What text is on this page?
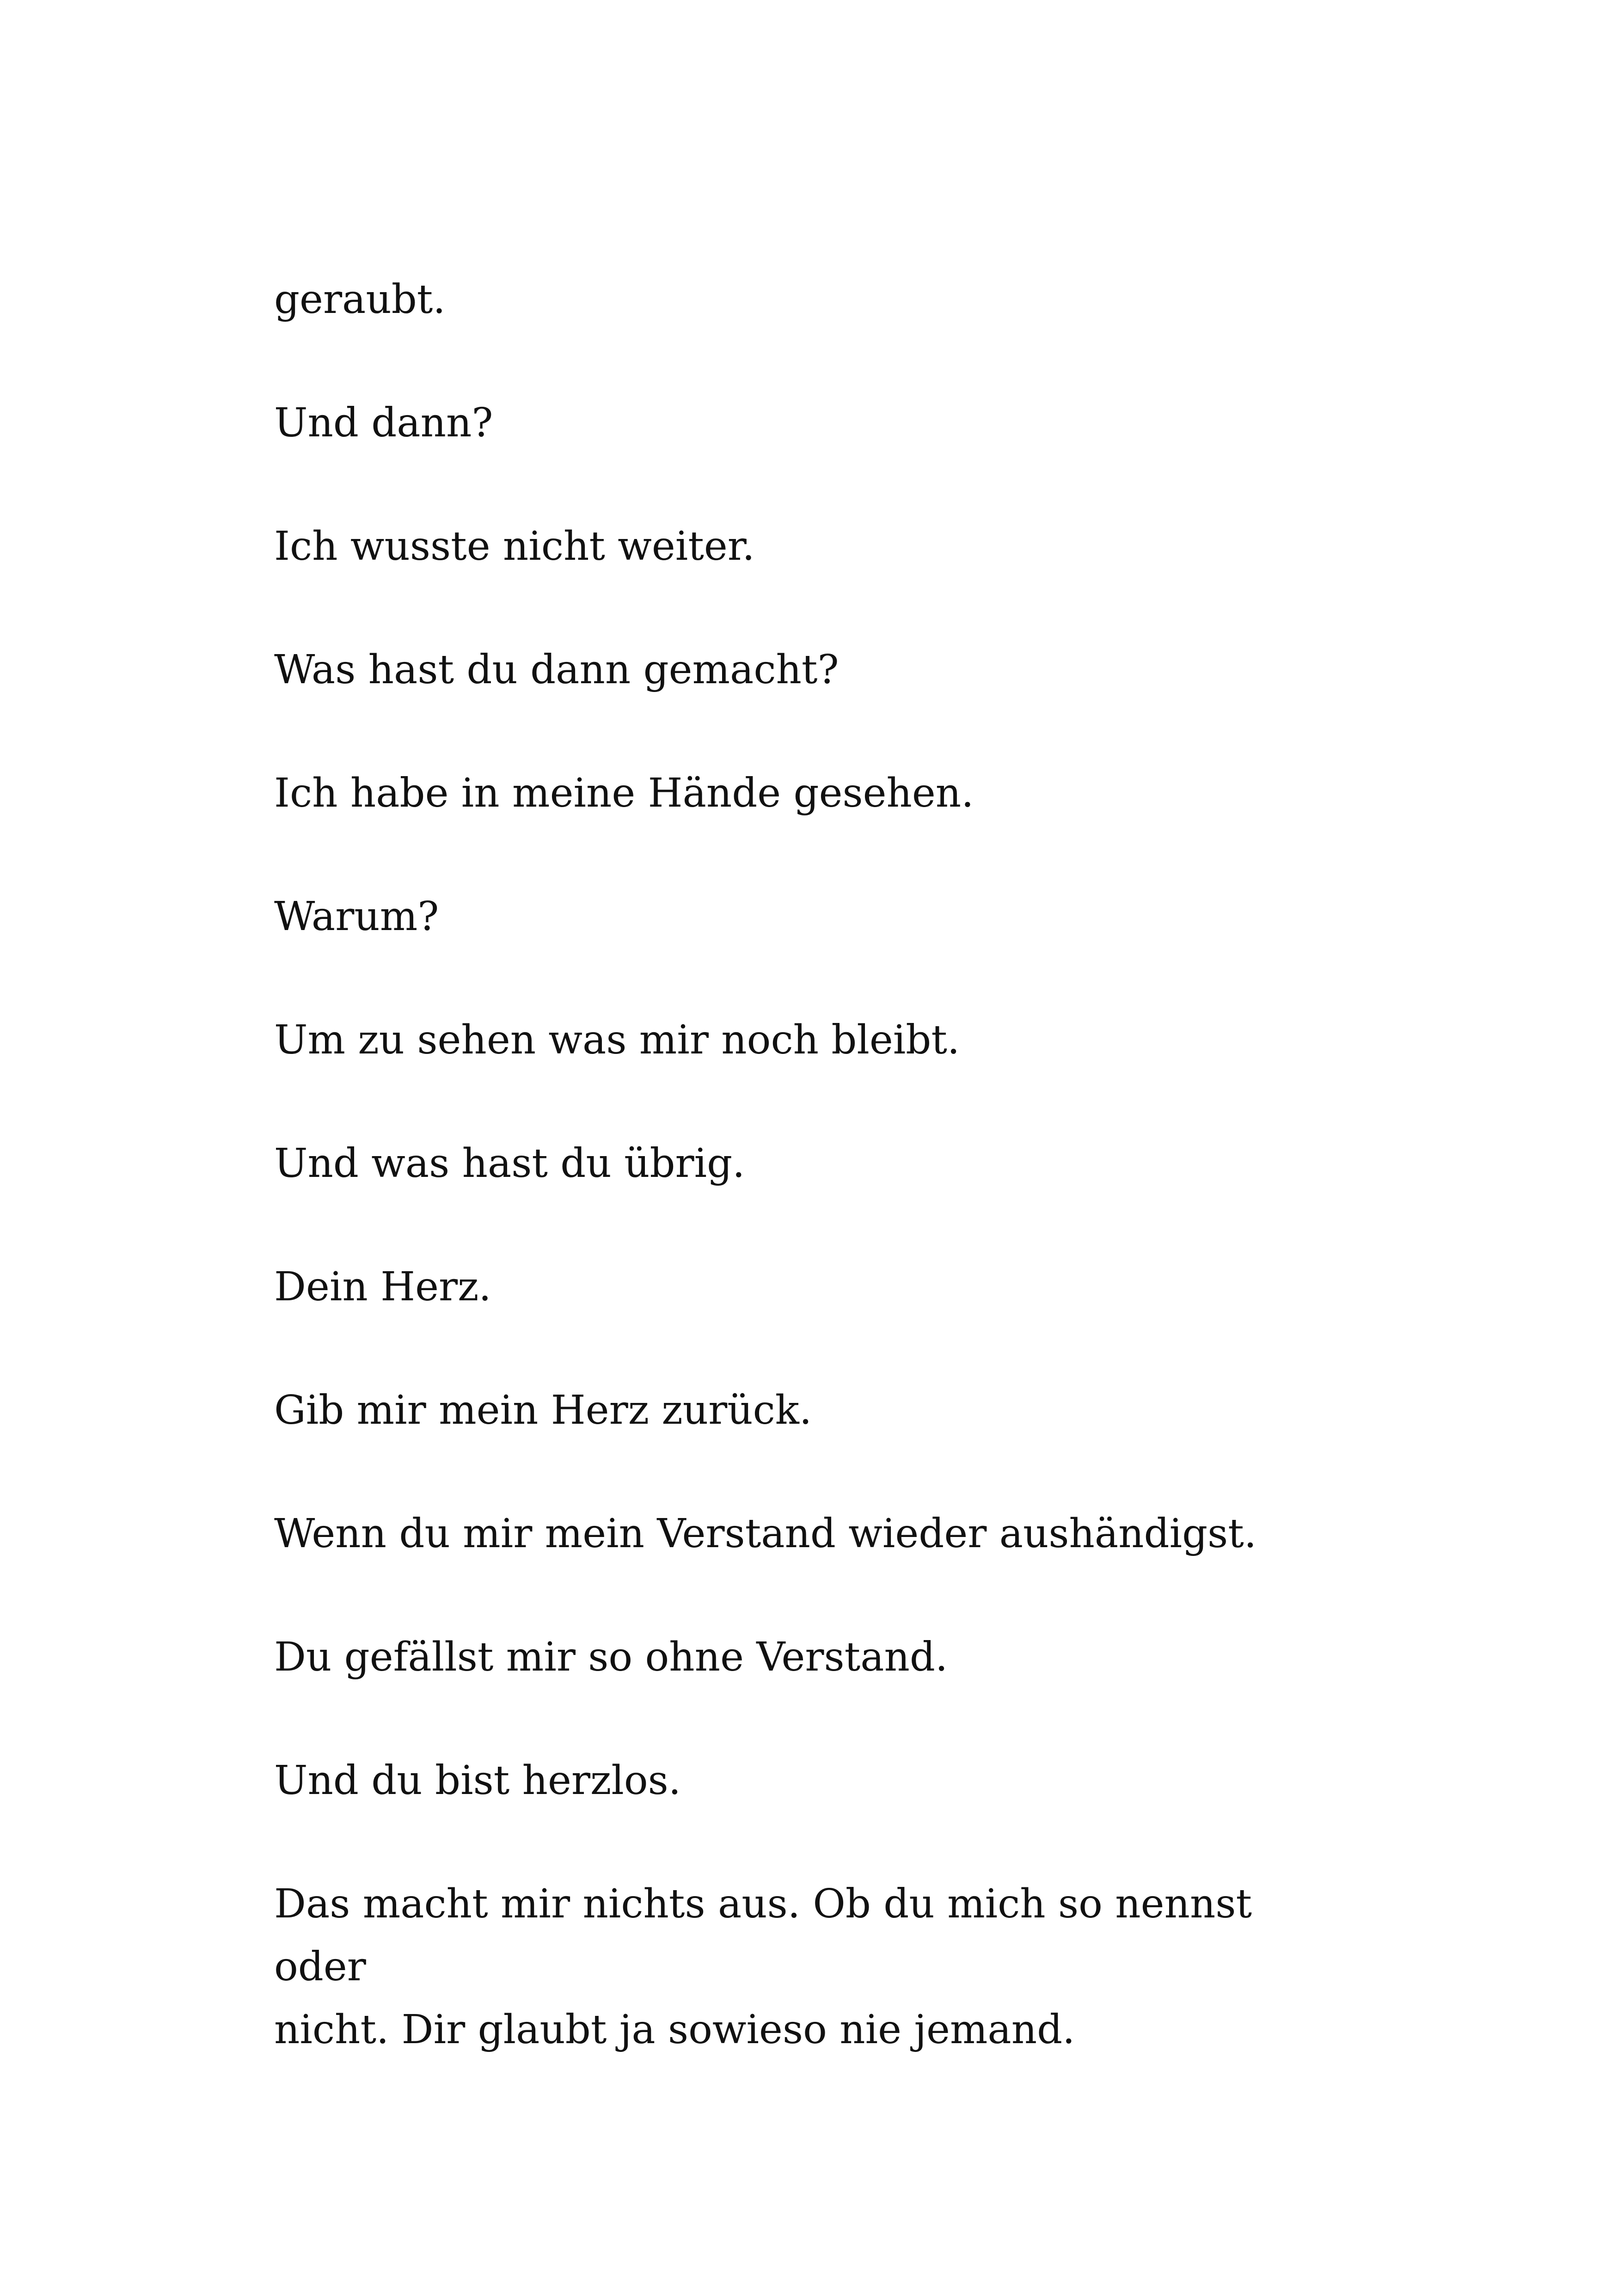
geraubt.

Und dann?

Ich wusste nicht weiter.

Was hast du dann gemacht?

Ich habe in meine Hände gesehen.

Warum?

Um zu sehen was mir noch bleibt.

Und was hast du übrig.

Dein Herz.

Gib mir mein Herz zurück.

Wenn du mir mein Verstand wieder aushändigst.

Du gefällst mir so ohne Verstand.

Und du bist herzlos.

Das macht mir nichts aus. Ob du mich so nennst oder
nicht. Dir glaubt ja sowieso nie jemand.
